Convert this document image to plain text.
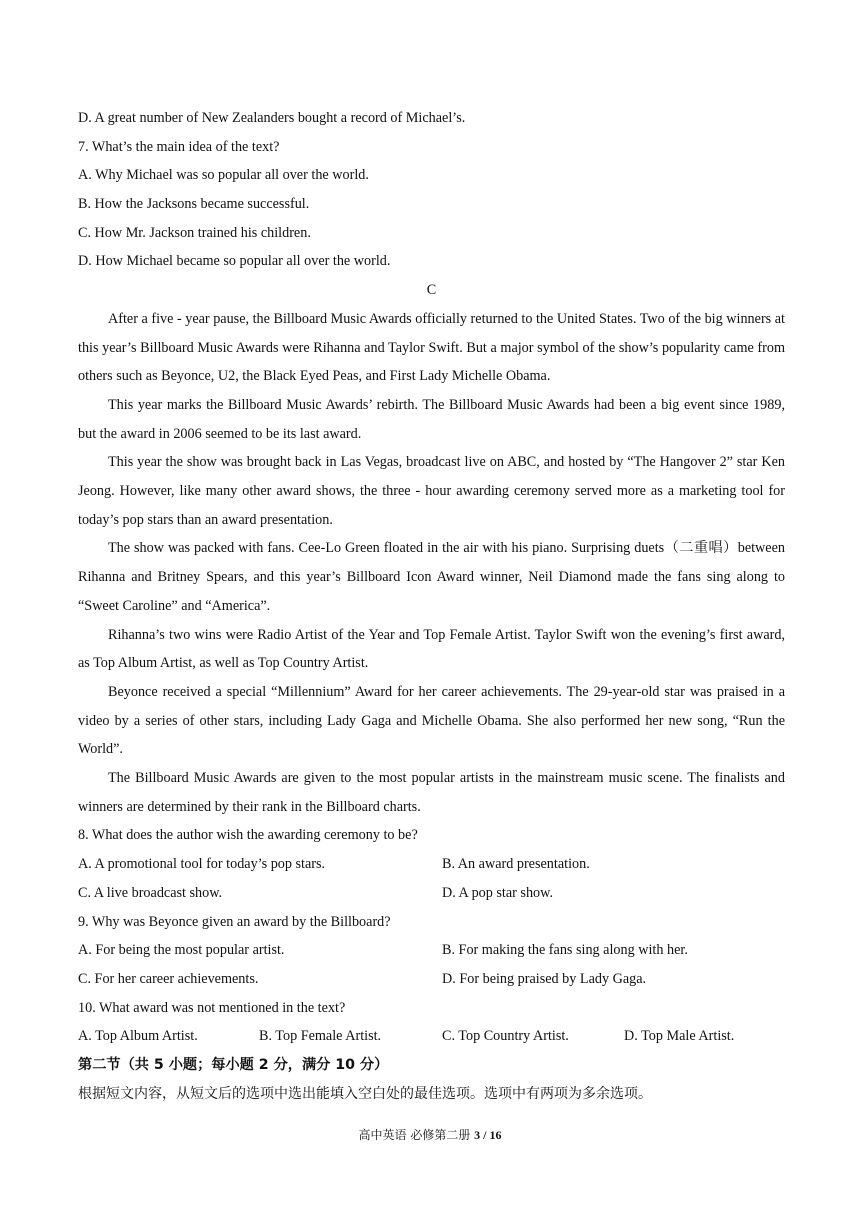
D. A great number of New Zealanders bought a record of Michael’s.
7. What’s the main idea of the text?
A. Why Michael was so popular all over the world.
B. How the Jacksons became successful.
C. How Mr. Jackson trained his children.
D. How Michael became so popular all over the world.
C
After a five - year pause, the Billboard Music Awards officially returned to the United States. Two of the big winners at this year’s Billboard Music Awards were Rihanna and Taylor Swift. But a major symbol of the show’s popularity came from others such as Beyonce, U2, the Black Eyed Peas, and First Lady Michelle Obama.
This year marks the Billboard Music Awards’ rebirth. The Billboard Music Awards had been a big event since 1989, but the award in 2006 seemed to be its last award.
This year the show was brought back in Las Vegas, broadcast live on ABC, and hosted by “The Hangover 2” star Ken Jeong. However, like many other award shows, the three - hour awarding ceremony served more as a marketing tool for today’s pop stars than an award presentation.
The show was packed with fans. Cee-Lo Green floated in the air with his piano. Surprising duets（二重唱）between Rihanna and Britney Spears, and this year’s Billboard Icon Award winner, Neil Diamond made the fans sing along to “Sweet Caroline” and “America”.
Rihanna’s two wins were Radio Artist of the Year and Top Female Artist. Taylor Swift won the evening’s first award, as Top Album Artist, as well as Top Country Artist.
Beyonce received a special “Millennium” Award for her career achievements. The 29-year-old star was praised in a video by a series of other stars, including Lady Gaga and Michelle Obama. She also performed her new song, “Run the World”.
The Billboard Music Awards are given to the most popular artists in the mainstream music scene. The finalists and winners are determined by their rank in the Billboard charts.
8. What does the author wish the awarding ceremony to be?
A. A promotional tool for today’s pop stars.	B. An award presentation.
C. A live broadcast show.	D. A pop star show.
9. Why was Beyonce given an award by the Billboard?
A. For being the most popular artist.	B. For making the fans sing along with her.
C. For her career achievements.	D. For being praised by Lady Gaga.
10. What award was not mentioned in the text?
A. Top Album Artist.	B. Top Female Artist.	C. Top Country Artist.	D. Top Male Artist.
第二节（共 5 小题；每小题 2 分，满分 10 分）
根据短文内容，从短文后的选项中选出能填入空白处的最佳选项。选项中有两项为多余选项。
高中英语 必修第二册 3 / 16
